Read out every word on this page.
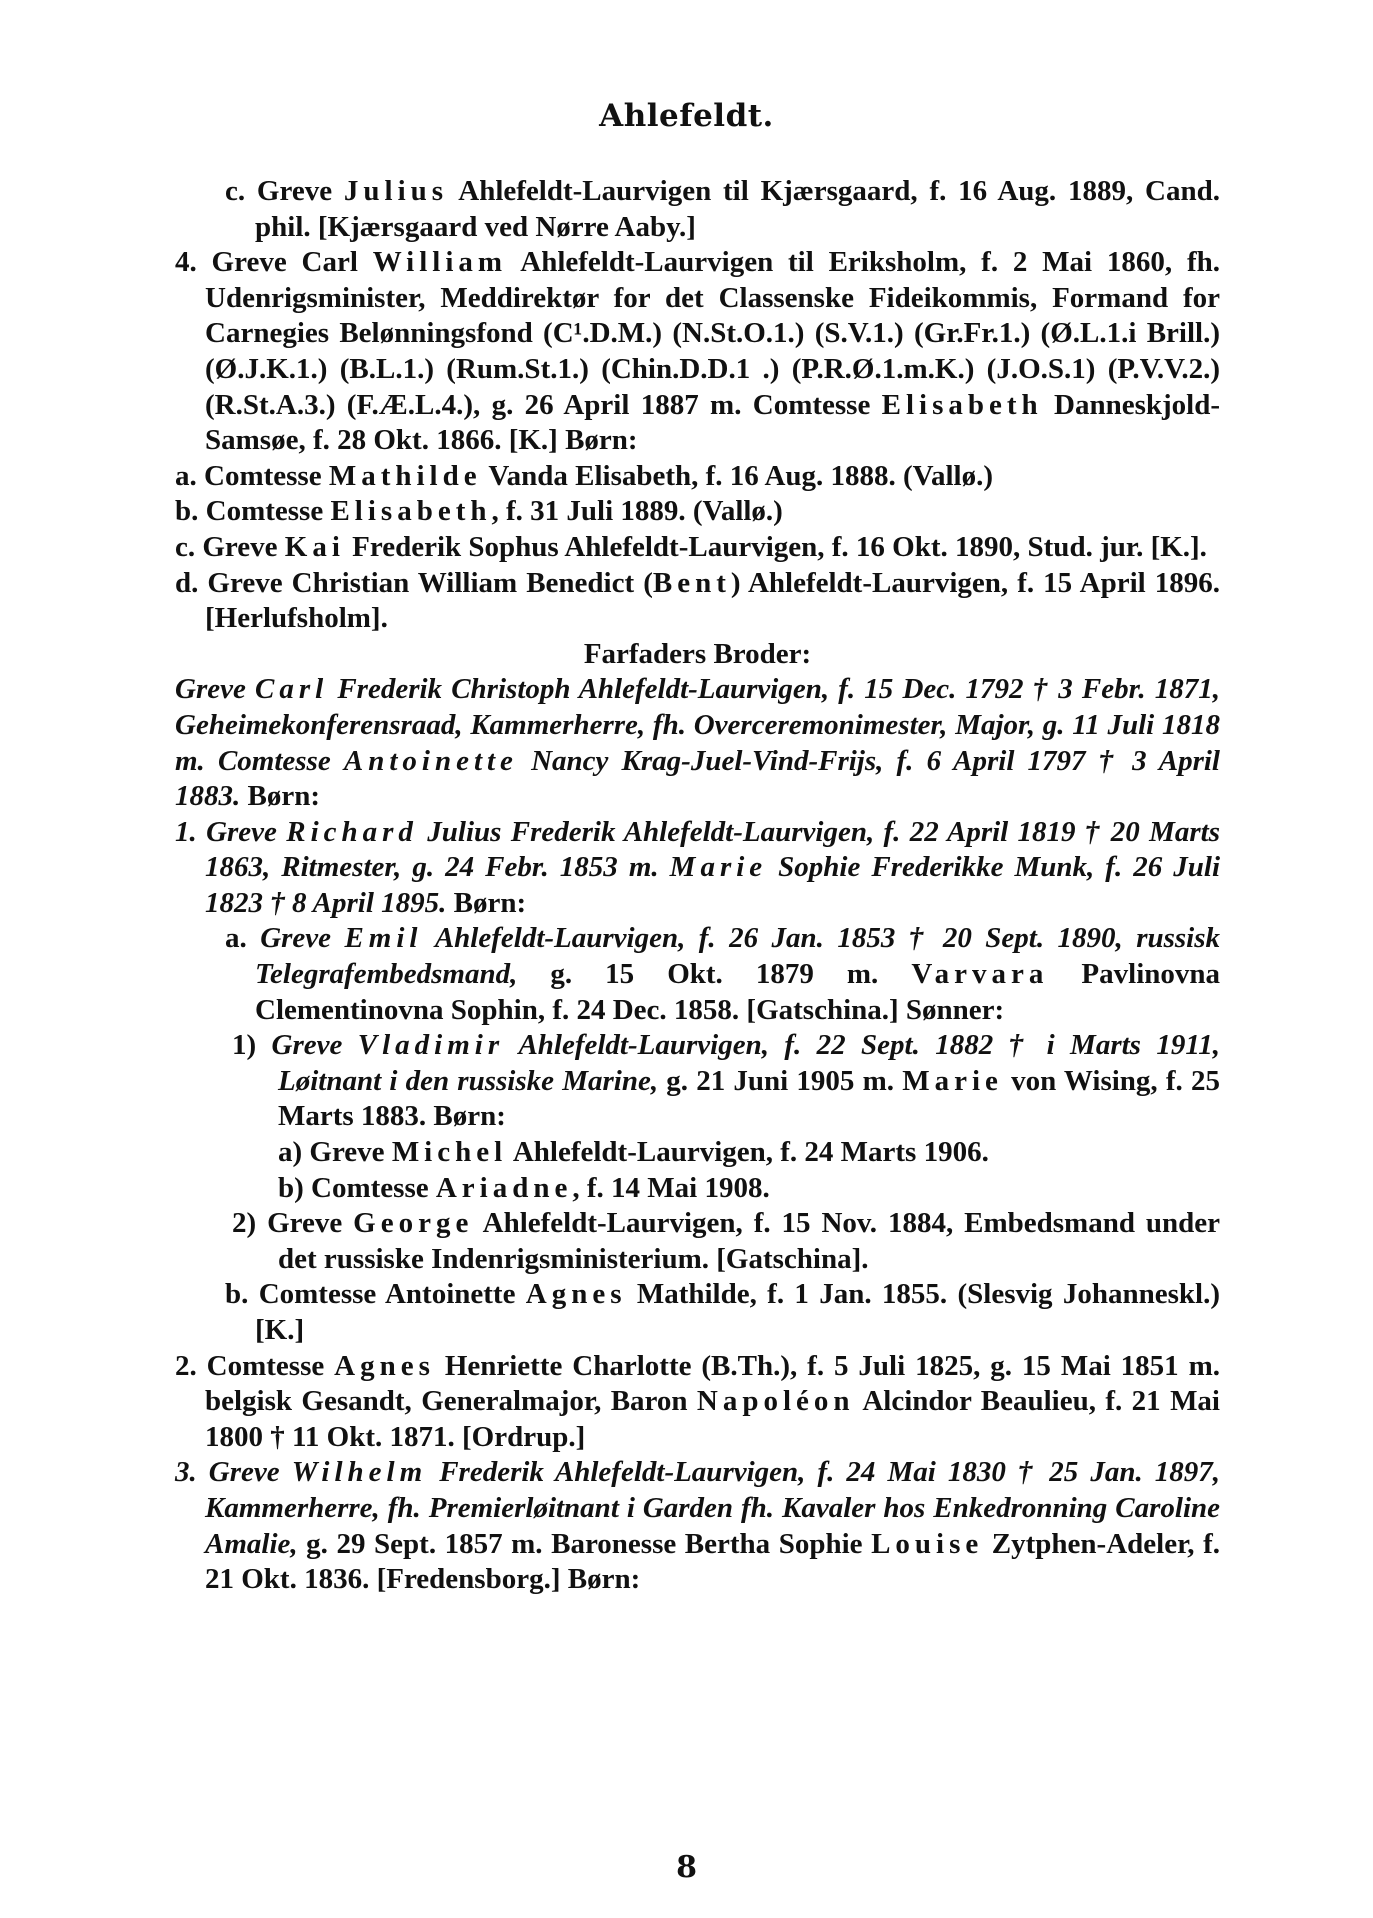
Ahlefeldt.

c. Greve Julius Ahlefeldt-Laurvigen til Kjærsgaard, f. 16 Aug. 1889, Cand. phil. [Kjærsgaard ved Nørre Aaby.]

4. Greve Carl William Ahlefeldt-Laurvigen til Eriksholm, f. 2 Mai 1860, fh. Udenrigsminister, Meddirektør for det Classenske Fideikommis, Formand for Carnegies Belønningsfond (C¹.D.M.) (N.St.O.1.) (S.V.1.) (Gr.Fr.1.) (Ø.L.1.i Brill.) (Ø.J.K.1.) (B.L.1.) (Rum.St.1.) (Chin.D.D.1 .) (P.R.Ø.1.m.K.) (J.O.S.1) (P.V.V.2.) (R.St.A.3.) (F.Æ.L.4.), g. 26 April 1887 m. Comtesse Elisabeth Danneskjold-Samsøe, f. 28 Okt. 1866. [K.] Børn:

a. Comtesse Mathilde Vanda Elisabeth, f. 16 Aug. 1888. (Vallø.)

b. Comtesse Elisabeth, f. 31 Juli 1889. (Vallø.)

c. Greve Kai Frederik Sophus Ahlefeldt-Laurvigen, f. 16 Okt. 1890, Stud. jur. [K.].

d. Greve Christian William Benedict (Bent) Ahlefeldt-Laurvigen, f. 15 April 1896. [Herlufsholm].

Farfaders Broder:

Greve Carl Frederik Christoph Ahlefeldt-Laurvigen, f. 15 Dec. 1792 † 3 Febr. 1871, Geheimekonferensraad, Kammerherre, fh. Overceremonimester, Major, g. 11 Juli 1818 m. Comtesse Antoinette Nancy Krag-Juel-Vind-Frijs, f. 6 April 1797 † 3 April 1883. Børn:

1. Greve Richard Julius Frederik Ahlefeldt-Laurvigen, f. 22 April 1819 † 20 Marts 1863, Ritmester, g. 24 Febr. 1853 m. Marie Sophie Frederikke Munk, f. 26 Juli 1823 † 8 April 1895. Børn:

a. Greve Emil Ahlefeldt-Laurvigen, f. 26 Jan. 1853 † 20 Sept. 1890, russisk Telegrafembedsmand, g. 15 Okt. 1879 m. Varvara Pavlinovna Clementinovna Sophin, f. 24 Dec. 1858. [Gatschina.] Sønner:

1) Greve Vladimir Ahlefeldt-Laurvigen, f. 22 Sept. 1882 † i Marts 1911, Løitnant i den russiske Marine, g. 21 Juni 1905 m. Marie von Wising, f. 25 Marts 1883. Børn:

a) Greve Michel Ahlefeldt-Laurvigen, f. 24 Marts 1906.

b) Comtesse Ariadne, f. 14 Mai 1908.

2) Greve George Ahlefeldt-Laurvigen, f. 15 Nov. 1884, Embedsmand under det russiske Indenrigsministerium. [Gatschina].

b. Comtesse Antoinette Agnes Mathilde, f. 1 Jan. 1855. (Slesvig Johanneskl.) [K.]

2. Comtesse Agnes Henriette Charlotte (B.Th.), f. 5 Juli 1825, g. 15 Mai 1851 m. belgisk Gesandt, Generalmajor, Baron Napoléon Alcindor Beaulieu, f. 21 Mai 1800 † 11 Okt. 1871. [Ordrup.]

3. Greve Wilhelm Frederik Ahlefeldt-Laurvigen, f. 24 Mai 1830 † 25 Jan. 1897, Kammerherre, fh. Premierløitnant i Garden fh. Kavaler hos Enkedronning Caroline Amalie, g. 29 Sept. 1857 m. Baronesse Bertha Sophie Louise Zytphen-Adeler, f. 21 Okt. 1836. [Fredensborg.] Børn:

8
